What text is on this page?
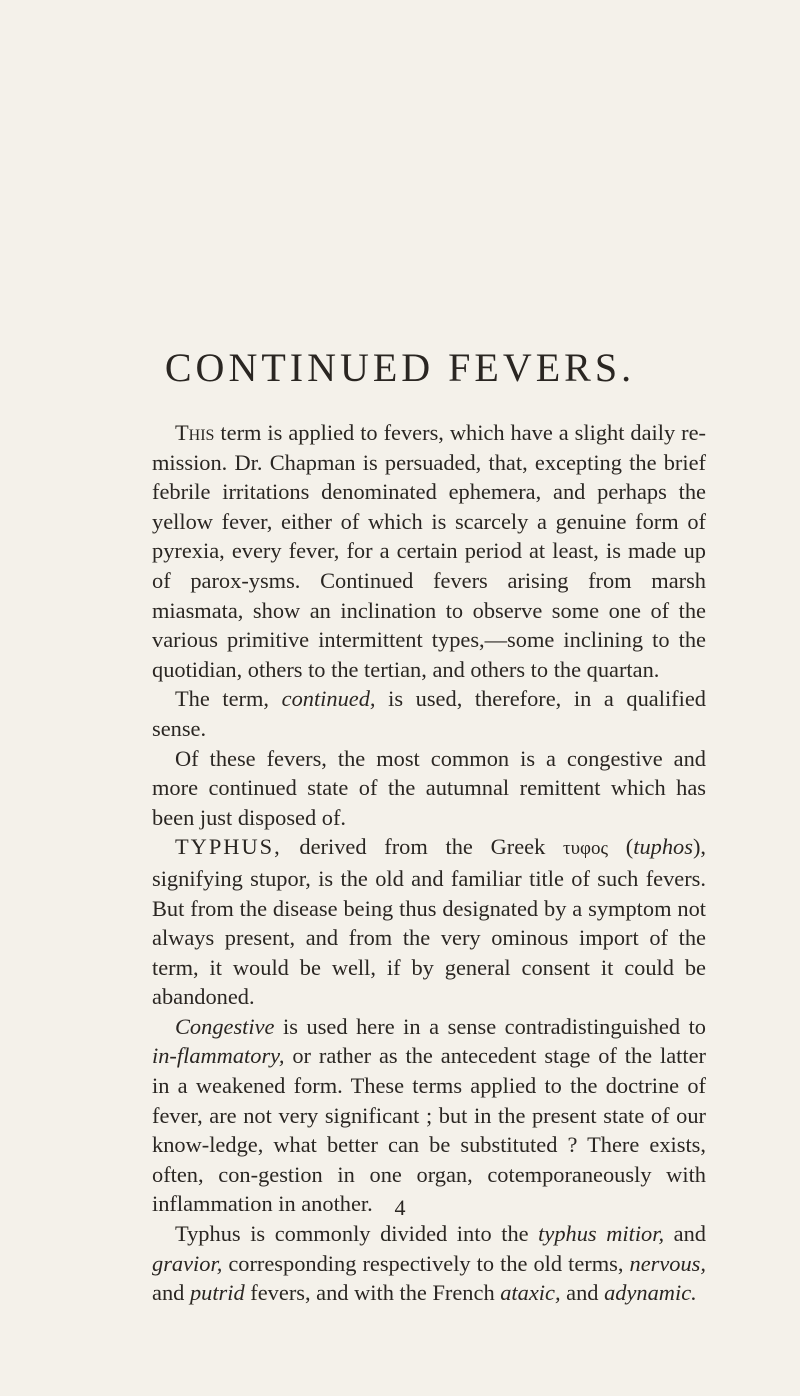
CONTINUED FEVERS.

This term is applied to fevers, which have a slight daily re-mission. Dr. Chapman is persuaded, that, excepting the brief febrile irritations denominated ephemera, and perhaps the yellow fever, either of which is scarcely a genuine form of pyrexia, every fever, for a certain period at least, is made up of parox-ysms. Continued fevers arising from marsh miasmata, show an inclination to observe some one of the various primitive intermittent types,—some inclining to the quotidian, others to the tertian, and others to the quartan.

The term, continued, is used, therefore, in a qualified sense.

Of these fevers, the most common is a congestive and more continued state of the autumnal remittent which has been just disposed of.

TYPHUS, derived from the Greek τυφος (tuphos), signifying stupor, is the old and familiar title of such fevers. But from the disease being thus designated by a symptom not always present, and from the very ominous import of the term, it would be well, if by general consent it could be abandoned.

Congestive is used here in a sense contradistinguished to in-flammatory, or rather as the antecedent stage of the latter in a weakened form. These terms applied to the doctrine of fever, are not very significant ; but in the present state of our know-ledge, what better can be substituted ? There exists, often, con-gestion in one organ, cotemporaneously with inflammation in another.

Typhus is commonly divided into the typhus mitior, and gravior, corresponding respectively to the old terms, nervous, and putrid fevers, and with the French ataxic, and adynamic.

4
